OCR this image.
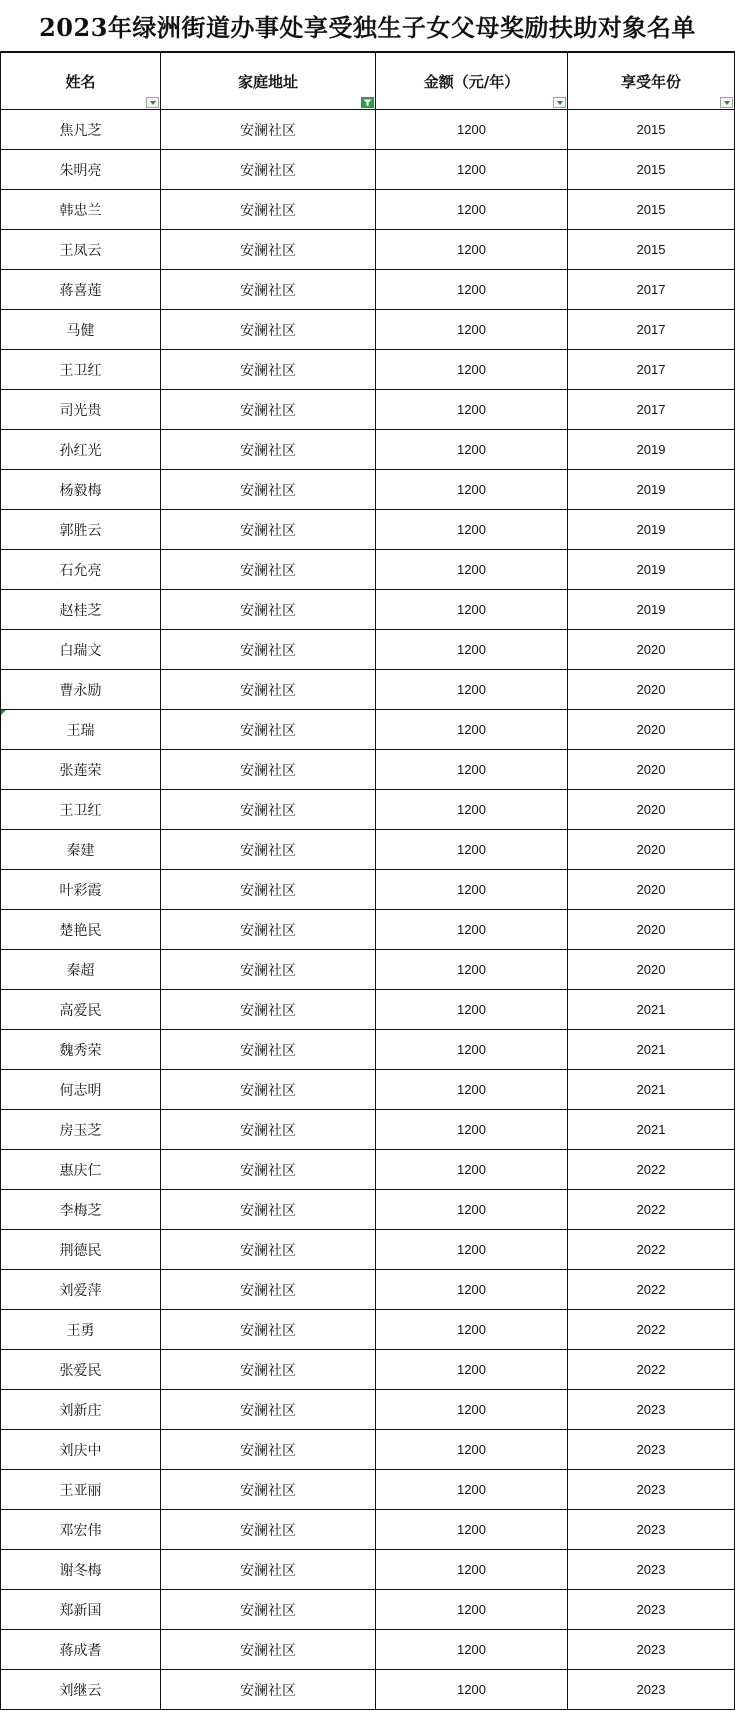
2023年绿洲街道办事处享受独生子女父母奖励扶助对象名单
姓名	家庭地址	金额（元/年）	享受年份

焦凡芝	安澜社区	1200	2015
朱明亮	安澜社区	1200	2015
韩忠兰	安澜社区	1200	2015
王凤云	安澜社区	1200	2015
蒋喜莲	安澜社区	1200	2017
马健	安澜社区	1200	2017
王卫红	安澜社区	1200	2017
司光贵	安澜社区	1200	2017
孙红光	安澜社区	1200	2019
杨毅梅	安澜社区	1200	2019
郭胜云	安澜社区	1200	2019
石允亮	安澜社区	1200	2019
赵桂芝	安澜社区	1200	2019
白瑞文	安澜社区	1200	2020
曹永励	安澜社区	1200	2020
王瑞	安澜社区	1200	2020
张莲荣	安澜社区	1200	2020
王卫红	安澜社区	1200	2020
秦建	安澜社区	1200	2020
叶彩霞	安澜社区	1200	2020
楚艳民	安澜社区	1200	2020
秦超	安澜社区	1200	2020
高爱民	安澜社区	1200	2021
魏秀荣	安澜社区	1200	2021
何志明	安澜社区	1200	2021
房玉芝	安澜社区	1200	2021
惠庆仁	安澜社区	1200	2022
李梅芝	安澜社区	1200	2022
荆德民	安澜社区	1200	2022
刘爱萍	安澜社区	1200	2022
王勇	安澜社区	1200	2022
张爱民	安澜社区	1200	2022
刘新庄	安澜社区	1200	2023
刘庆中	安澜社区	1200	2023
王亚丽	安澜社区	1200	2023
邓宏伟	安澜社区	1200	2023
谢冬梅	安澜社区	1200	2023
郑新国	安澜社区	1200	2023
蒋成耆	安澜社区	1200	2023
刘继云	安澜社区	1200	2023
